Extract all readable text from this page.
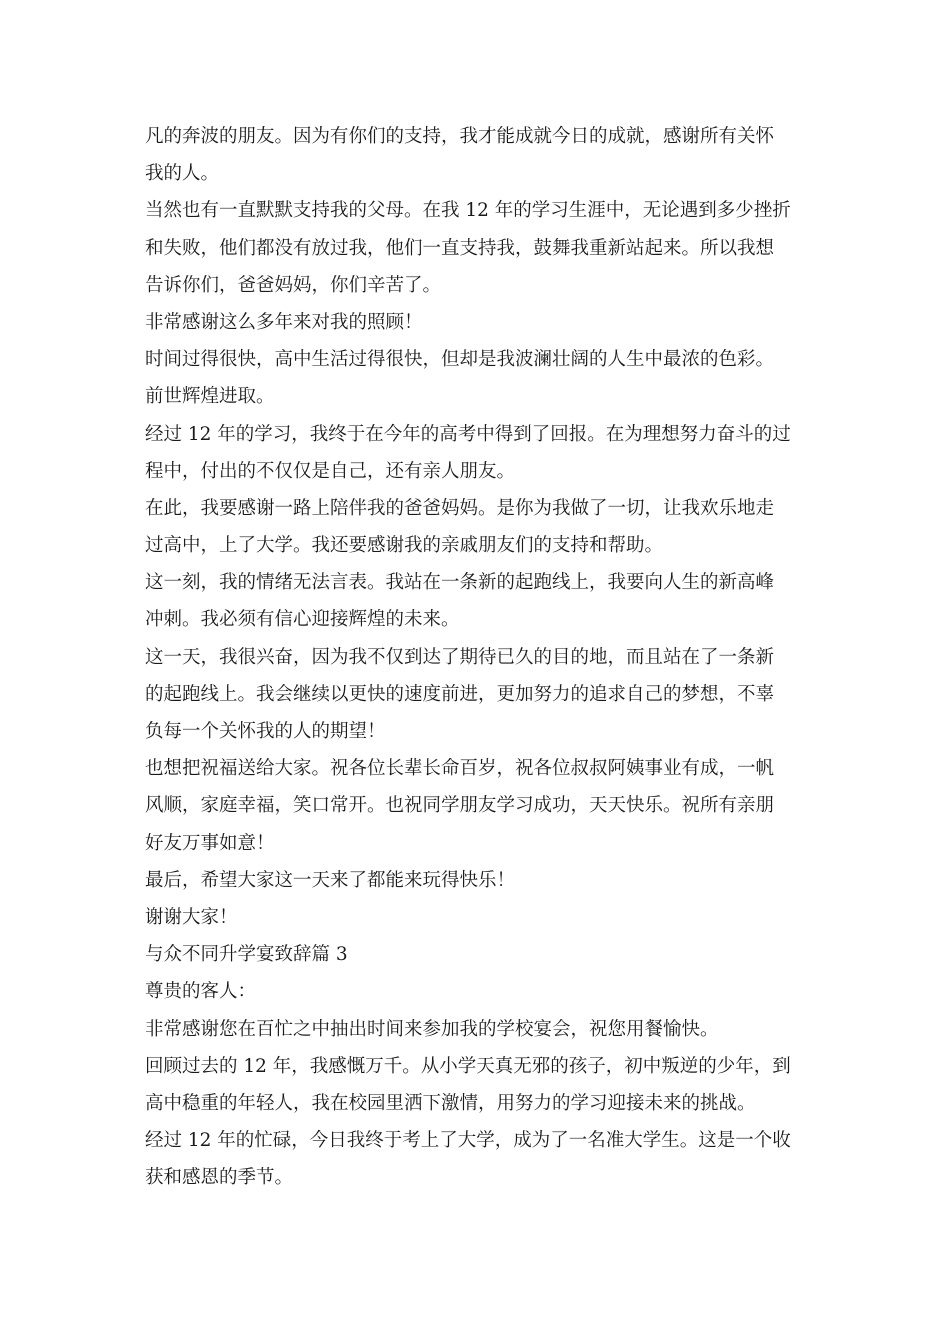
凡的奔波的朋友。因为有你们的支持，我才能成就今日的成就，感谢所有关怀
我的人。
当然也有一直默默支持我的父母。在我 12 年的学习生涯中，无论遇到多少挫折
和失败，他们都没有放过我，他们一直支持我，鼓舞我重新站起来。所以我想
告诉你们，爸爸妈妈，你们辛苦了。
非常感谢这么多年来对我的照顾！
时间过得很快，高中生活过得很快，但却是我波澜壮阔的人生中最浓的色彩。
前世辉煌进取。
经过 12 年的学习，我终于在今年的高考中得到了回报。在为理想努力奋斗的过
程中，付出的不仅仅是自己，还有亲人朋友。
在此，我要感谢一路上陪伴我的爸爸妈妈。是你为我做了一切，让我欢乐地走
过高中，上了大学。我还要感谢我的亲戚朋友们的支持和帮助。
这一刻，我的情绪无法言表。我站在一条新的起跑线上，我要向人生的新高峰
冲刺。我必须有信心迎接辉煌的未来。
这一天，我很兴奋，因为我不仅到达了期待已久的目的地，而且站在了一条新
的起跑线上。我会继续以更快的速度前进，更加努力的追求自己的梦想，不辜
负每一个关怀我的人的期望！
也想把祝福送给大家。祝各位长辈长命百岁，祝各位叔叔阿姨事业有成，一帆
风顺，家庭幸福，笑口常开。也祝同学朋友学习成功，天天快乐。祝所有亲朋
好友万事如意！
最后，希望大家这一天来了都能来玩得快乐！
谢谢大家！
与众不同升学宴致辞篇 3
尊贵的客人：
非常感谢您在百忙之中抽出时间来参加我的学校宴会，祝您用餐愉快。
回顾过去的 12 年，我感慨万千。从小学天真无邪的孩子，初中叛逆的少年，到
高中稳重的年轻人，我在校园里洒下激情，用努力的学习迎接未来的挑战。
经过 12 年的忙碌，今日我终于考上了大学，成为了一名准大学生。这是一个收
获和感恩的季节。
